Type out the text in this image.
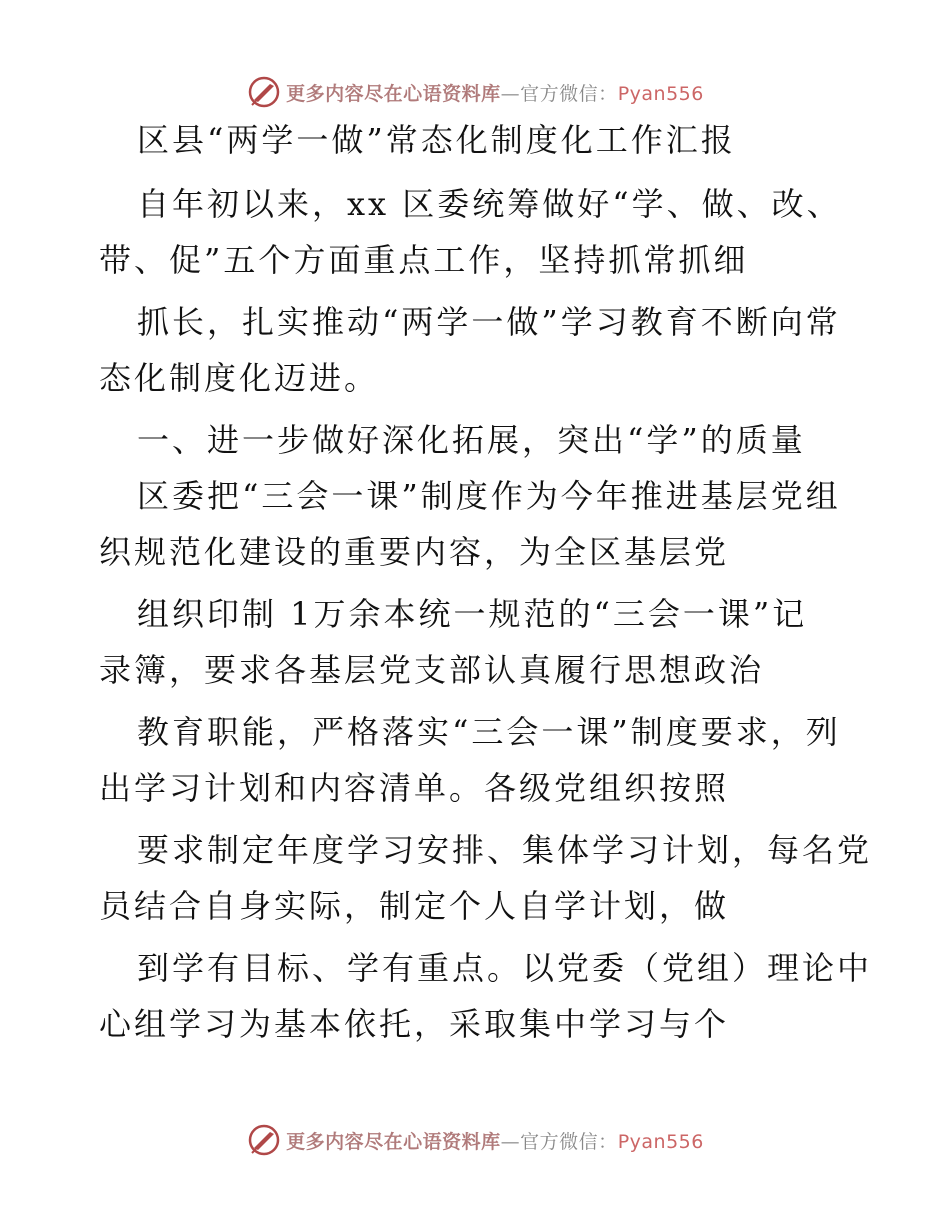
更多内容尽在心语资料库—官方微信：Pyan556
区县“两学一做”常态化制度化工作汇报
自年初以来，xx 区委统筹做好“学、做、改、
带、促”五个方面重点工作，坚持抓常抓细
抓长，扎实推动“两学一做”学习教育不断向常
态化制度化迈进。
一、进一步做好深化拓展，突出“学”的质量
区委把“三会一课”制度作为今年推进基层党组
织规范化建设的重要内容，为全区基层党
组织印制 1万余本统一规范的“三会一课”记
录簿，要求各基层党支部认真履行思想政治
教育职能，严格落实“三会一课”制度要求，列
出学习计划和内容清单。各级党组织按照
要求制定年度学习安排、集体学习计划，每名党
员结合自身实际，制定个人自学计划，做
到学有目标、学有重点。以党委（党组）理论中
心组学习为基本依托，采取集中学习与个
更多内容尽在心语资料库—官方微信：Pyan556
